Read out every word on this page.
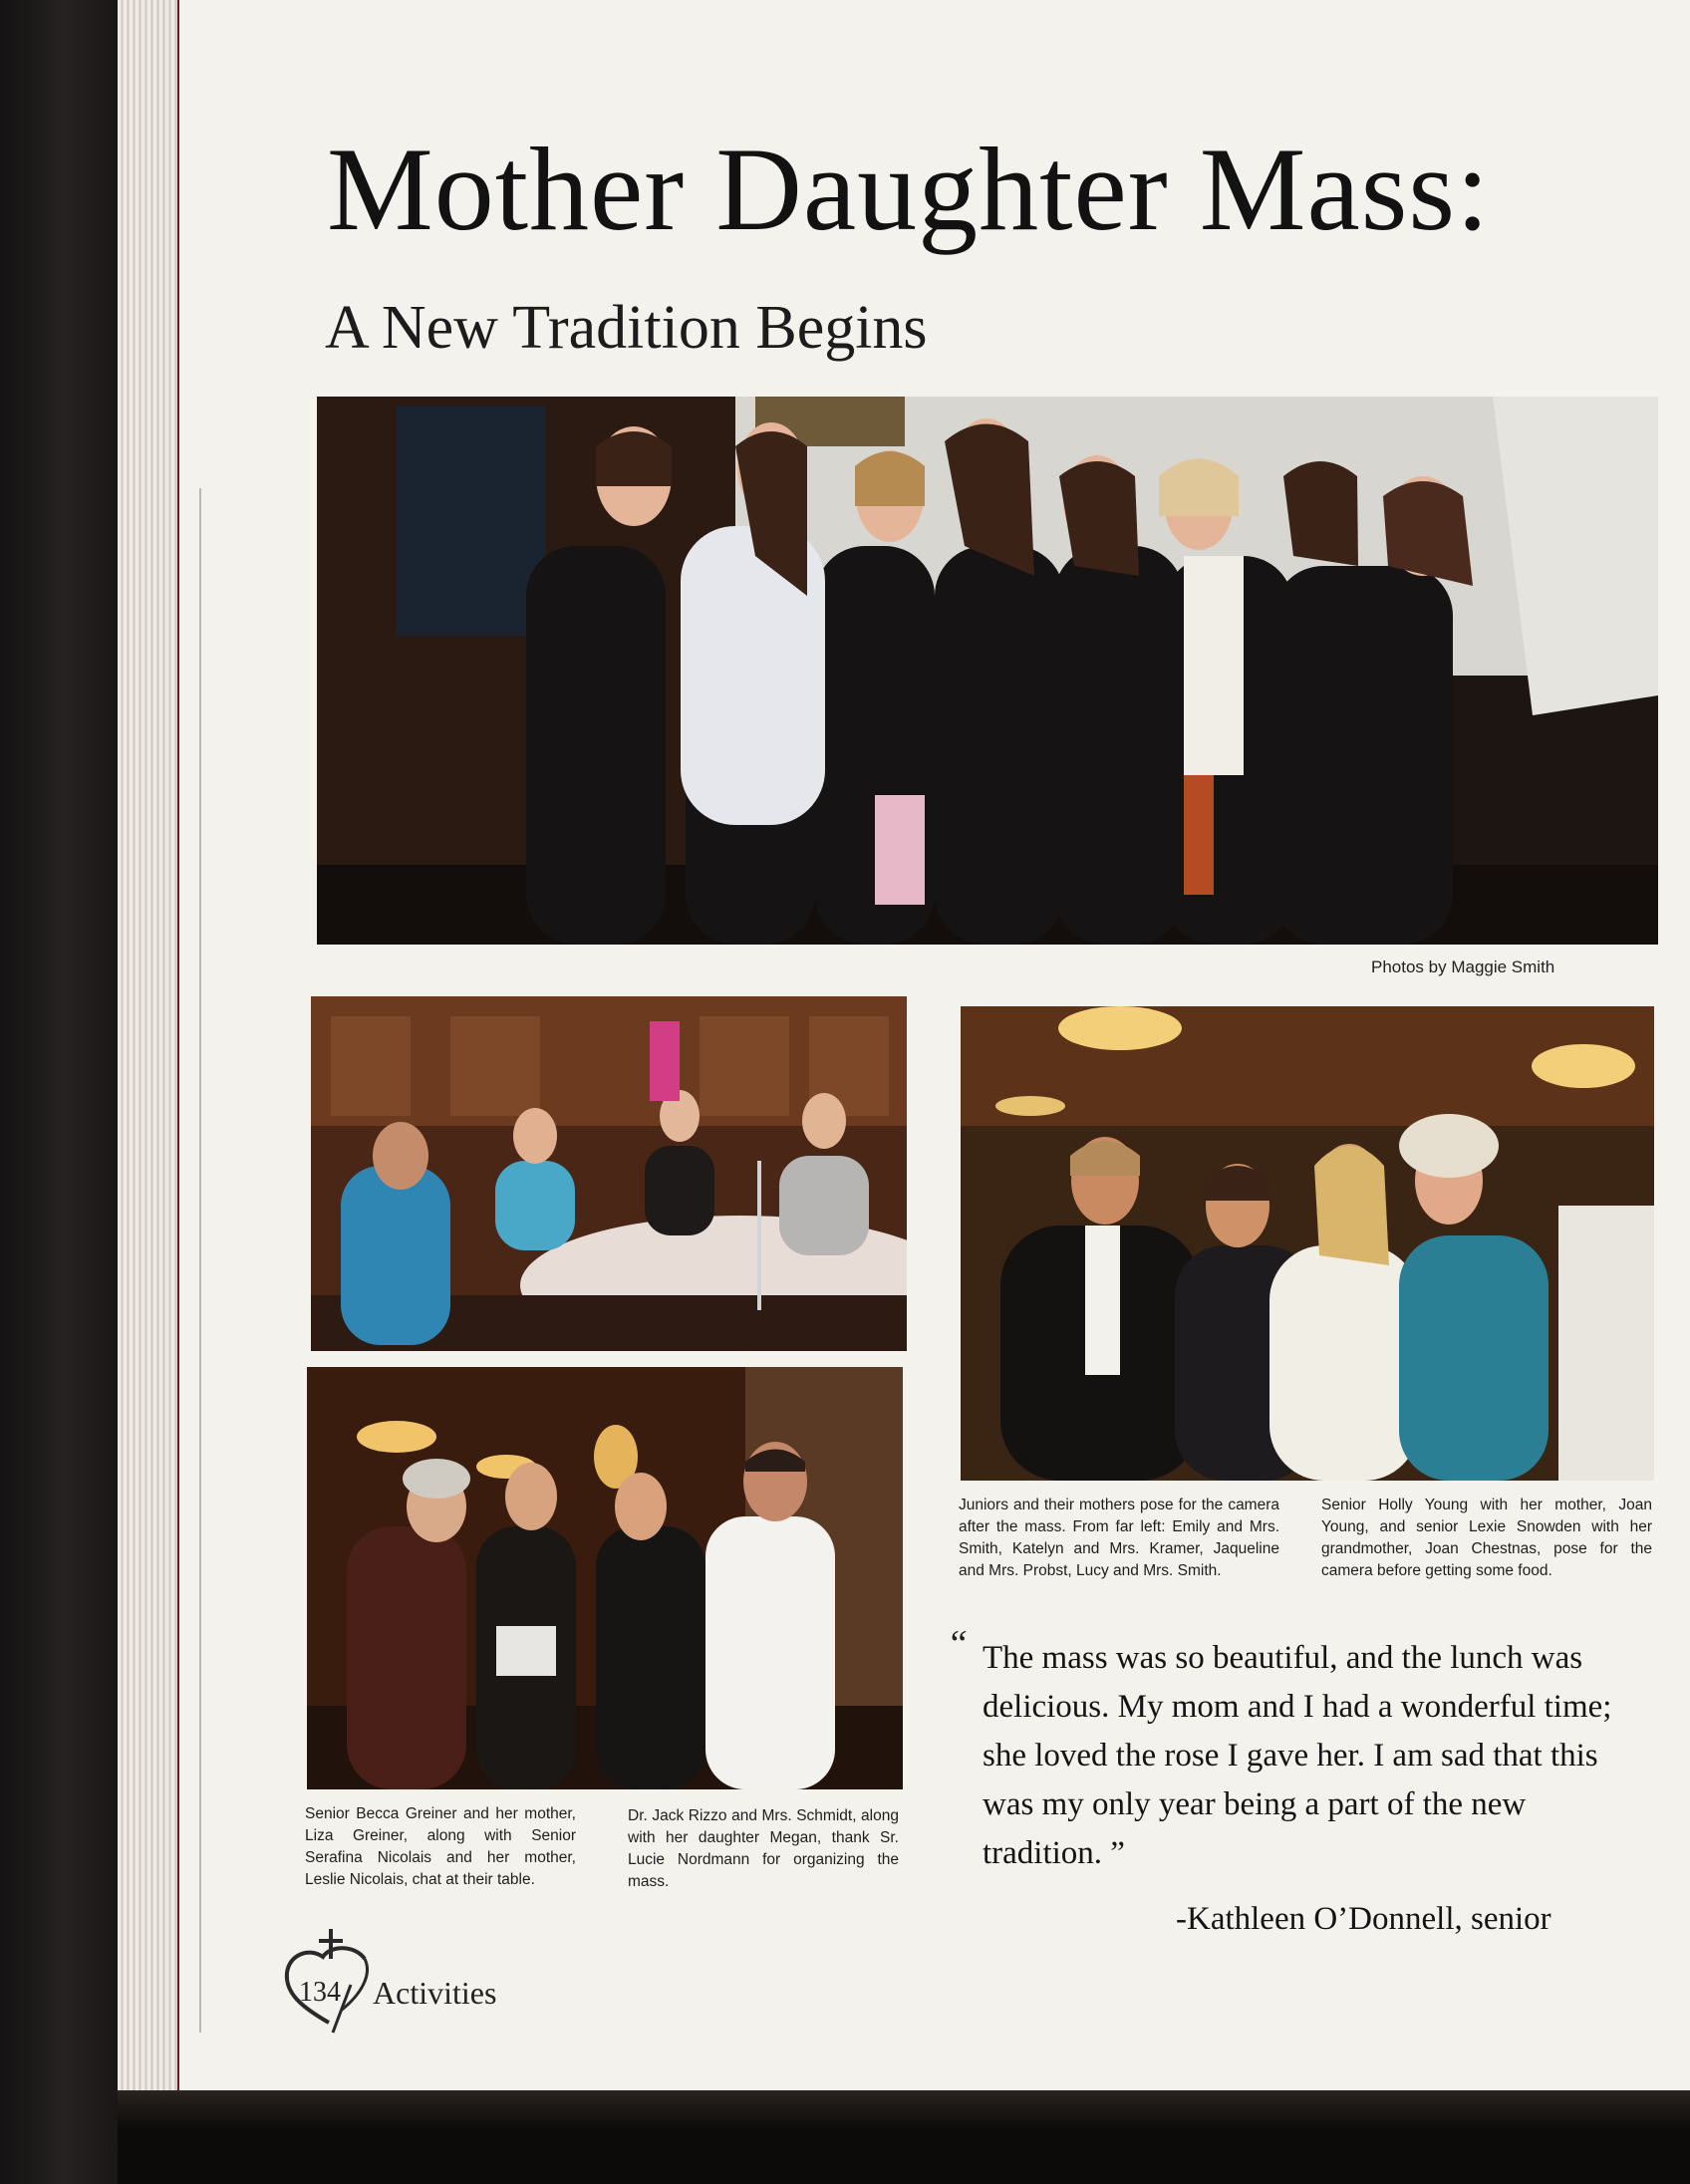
Mother Daughter Mass:
A New Tradition Begins
Photos by Maggie Smith

Senior Becca Greiner and her mother, Liza Greiner, along with Senior Serafina Nicolais and her mother, Leslie Nicolais, chat at their table.

Dr. Jack Rizzo and Mrs. Schmidt, along with her daughter Megan, thank Sr. Lucie Nordmann for organizing the mass.

Juniors and their mothers pose for the camera after the mass. From far left: Emily and Mrs. Smith, Katelyn and Mrs. Kramer, Jaqueline and Mrs. Probst, Lucy and Mrs. Smith.

Senior Holly Young with her mother, Joan Young, and senior Lexie Snowden with her grandmother, Joan Chestnas, pose for the camera before getting some food.

“ The mass was so beautiful, and the lunch was delicious. My mom and I had a wonderful time; she loved the rose I gave her. I am sad that this was my only year being a part of the new tradition. ”

-Kathleen O’Donnell, senior
134 Activities
